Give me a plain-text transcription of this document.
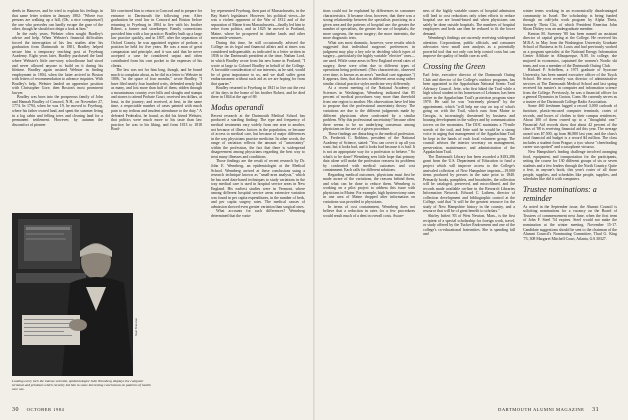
deeds in Hanover, and he tried to explain his feelings in that same letter written in January 1802: "Where two persons are walking up a hill, (Oh, a nice comparison!) the one who precedes can hardly escape the gaze of the other, though he should not deign a look at him."

In the early years, Webster often sought Bradley's advice and help. When Webster's financial difficulties forced the interruption of his law studies after his graduation from Dartmouth in 1801, Bradley helped secure him a temporary teaching post at Fryeburg Academy. Eight years later, Bradley purchased the land where Webster's little one-story schoolhouse had stood and never allowed anyone to build on it during his lifetime. Bradley again assisted Webster in finding employment in 1804, when the latter arrived in Boston with letters of recommendation to advance inquiries. With Bradley's help, Webster landed an apprentice position with Christopher Gore, then Boston's most prominent lawyer.

Bradley was born into the prosperous family of John and Hannah Bradley of Concord, N.H., on November 27, 1774. In 1794, when he was 19, he moved to Fryeburg, where his father owned land, and spent the summer living in a log cabin and felling trees and clearing land for a permanent settlement. However, by autumn the discomfort of pioneer

life convinced him to return to Concord and to prepare for entrance to Dartmouth the following year. After graduation he read law in Concord and Boston before returning to Fryeburg in 1804 to live with his brother Robert, a farmer and storekeeper. Family connections provided him with a law practice; Bradley built up a large law practice quickly, and in 1807, after the separation of Oxford County, he was appointed register of probate, a position he held for five years. He was a man of great compassion and principle, and it was said that he never accepted a case he considered unjust and often contributed from his own pocket to the expenses of his clients.

The law was not for him long, though, and he found much to complain about, as he did in a letter to Webster in 1806, "in the space of four months," wrote Bradley, "I have filed nearly four hundred writs, defended nearly half as many, and lost more than half of them, ridden through a mountainous country over hills and sloughs and stumps and stones to attend Probate Court, received ten dollars, at least, in the journey; and received, at best, in the same time, a respectable number of cases painted with much pain to my tedious and insolent attendance to the duty." A defeated Federalist, he found, as did his friend Webster, that politics were much more to his taste than law practice; he was to his liking, and from 1813 to 1818 Brad-

ley represented Fryeburg, then part of Massachusetts, in the Bay State's legislature. However, his political views—he was a violent opponent of the War of 1812 and of the separation of Maine from Massachusetts—finally led him to retire from politics, and in 1825 he moved to Portland, Maine, where he prospered in timber lands and other mercantile ventures.

During this time, he still occasionally advised the College on its legal and financial affairs and at times was considered indispensable, as indicated in a letter written in 1836 to the Dartmouth president at the time, Nathan Lord, in which Bradley wrote from his new home in Portland, "I wrote at large to Colonel Bradley in behalf of the College. A favorable consideration of our interests, as he said, would be of great importance to us, and we shall suffer great embarrassment without such aid as we are hoping for from that quarter."

Bradley returned to Fryeburg in 1841 to live out the rest of his days in the home of his brother Robert, and he died there in 1844 at the age of 69.

Modus operandi

Recent research at the Dartmouth Medical School has produced a startling finding: The type and frequency of medical treatments vary widely from one area to another, not because of illness factors in the population, or because of access to medical care, but because of major differences in the way physicians practice medicine. In other words, the range of variation reflects the amount of "uncertainty" within the profession, the fact that there is widespread disagreement among physicians regarding the best way to treat many illnesses and conditions.

Those findings are the result of recent research by Dr. John E. Wennberg, an epidemiologist at the Medical School. Wennberg arrived at these conclusions using a research technique known as "small-area analysis," which he has used data-based techniques to study variations in the way medical care is used in hospital service areas in New England. His earliest studies were in Vermont, where among different hospital service areas extensive variation was found in per capita expenditures, in the number of beds, and per capita surgery rates. The medical causes of admission showed even greater variation than surgical ones.

What accounts for such differences? Wennberg determined that the varia-

Stuart Bratesman
Looking every inch the intense scientist, epidemiologist John Wennberg displays the computer terminal and printouts which recently led him to some interesting conclusions on patterns of health care use.
30 OCTOBER 1984

tions could not be explained by differences in consumer characteristics. It became clear, however, that there was a strong relationship between the specialists practicing in a given area and the patterns of hospital use: the greater the number of specialists, the greater the use of hospitals; the more surgeons, the more surgery; the more internists, the more diagnostic tests.

What was most dramatic, however, were results which suggested that individual surgeons' preferences in judgment may play a key role in deciding which types of surgery—particularly the highly variable "elective" ones—are used. While some areas in New England reveal rates of surgery, these were often due to different types of operations being performed. (This characteristic, observed over time, is known as an area's "medical care signature.") It appears, then, that doctors in different areas using rather similar clinical practice styles medicine very differently.

At a recent meeting of the National Academy of Sciences in Washington, Wennberg indicated that 85 percent of medical procedures vary more than threefold from one region to another. His observations have led him to propose that the professional uncertainty theory: The variations are due to the different judgments made by different physicians when confronted by a similar problem. Why this professional uncertainty? because often there seems to be no underlying consensus among physicians on the use of a given procedure.

These findings are disturbing to the medical profession. Dr. Frederick C. Robbins, president of the National Academy of Science, stated: "You can cover it up all you want, but it looks bad, and it looks bad because it is bad. It is not an appropriate way for a profession to behave." So what's to be done? Wennberg sees little hope that primary data alone will make the profession reassess its problems by confronted with medical outcomes and cost containment. Each calls for different solutions.

Regarding medical outcomes, physicians must first be made aware of the variations, the reasons behind them, and what can be done to reduce them. Wennberg is working on a pilot project to address this issue with physicians in Maine. For example, high hysterectomy rates in one area of Maine dropped after information on variations was provided to physicians.

In terms of cost containment, Wennberg does not believe that a reduction in rates for a few procedures would result much of a dent in overall costs. Aware-

ness of the highly variable causes of hospital admission will lead to cost reductions only when efforts to reduce hospital use are broad-based and when physicians can safely be done outside hospitals. The numbers of hospital employees and beds can then be reduced to fit the lower demand.

Wennberg's findings are currently receiving widespread attention. Corporations, public officials, and consumer advocates view small area analysis as a potentially powerful tool that not only can help control costs but can improve the quality of health care as well.

Crossing the Green

Earl Jette, executive director of the Dartmouth Outing Club and director of the College's outdoor programs, has been appointed to the Appalachian National Scenic Trail Advisory Council. Jette, who first hiked the Trail while a high school student in his hometown of Lebanon, has been active in the Appalachian Trail's protection program since 1970. He said he was "extremely pleased" by the appointment, which "will help me stay on top of what's going on with the Trail, which runs from Maine to Georgia, is increasingly threatened by business and housing development in the valleys and by communication towers on the mountains. The DOC maintains a 75-mile stretch of the trail, and Jette said he would be a strong voice in urging that management of the Appalachian Trail be kept in the hands of each local volunteer group. The council advises the interior secretary on management, preservation, maintenance, and administration of the Appalachian Trail.

The Dartmouth Library has been awarded a $183,286 grant from the U.S. Department of Education to fund a project which will improve access to the College's unrivaled collection of New Hampshire imprints—19,000 items produced by presses in the state prior to 1840. Primarily books, pamphlets, and broadsides, the collection will be cataloged, preserved, and microfilmed, and the records made available on-line in the Research Libraries Information Network. Edward C. Lathem, director of collection development and bibliographic control at the College, said that "it will be the greatest resource for the study of New Hampshire history in the country, and a resource that will be of great benefit to scholars."

Shirley Infieri '83 of West Newton, Mass., is the first recipient of a special scholarship for foreign work, travel, or study offered by the Tucker Endowment and one of the college's co-educational fraternities. She is spending fall and

winter terms working in an economically disadvantaged community in Israel. The scholarship is being funded through an odd-jobs work program by Alpha Theta, formerly Theta Chi, of which President Emeritus John Sloan Dickey was an undergraduate member.

Kenton M. Sweeney '80 has been named an assistant director of capital giving at the College. He received his M.B.A. in May from the Washington University Graduate School of Business in St. Louis and had previously worked as a program specialist at the National Energy Information Center Affiliate in Albuquerque, N.M. In college, she majored in economics, captained the women's Nordic ski team, and was a member of the Dartmouth Outing Club.

Richard P. Schellens, a 1971 graduate of Syracuse University, has been named executive officer of the Tuyck School. He most recently was director of administrative services at The Dartmouth Medical School and last spring received his master's in computer and information science from the College. Previously, he was a financial officer for a general Dynamics in Groton, Conn. He currently serves as a trustee of the Dartmouth College Radio Association.

Some 460 freshmen lugged a record 3,000 carloads of furniture, plastic-encased computer terminals, crates of records, and boxes of clothes to their campus residences. About 300 of them owned up to a "thoughtful one." Financial Aid records show that about 42 percent of the class of '88 is receiving financial aid this year. The average award was $7,500, up from $6,800 last year, and the class's total financial aid budget is a record $4 million. The class includes a student from Prague; a tyro whose "cheerleading career was spotted" and a saxophone virtuoso.

New Hampshire's leading challenge involved arranging food, equipment, and transportation for the participants, setting the course for 130 different groups of six or seven students and a few leaders through the North Country. Quite a feat, in anyone's book, this year's roster of all those people, supplies, and schedules like people, supplies, and schedules like did it with computers.

Trustee nominations: a reminder

As noted in the September issue, the Alumni Council is soliciting nominations for a vacancy on the Board of Trustees of commencement next June, when the first term of John F. Steel '54 expires. Steel would not make the nomination at the winter meeting. November 15-17. Candidate suggestions should be sent to the chairman of the Alumni Council's Nominating Committee, Thad G. King '73, 308 Margaret Mitchell Court, Atlanta, GA 30327.

DARTMOUTH ALUMNI MAGAZINE 31
